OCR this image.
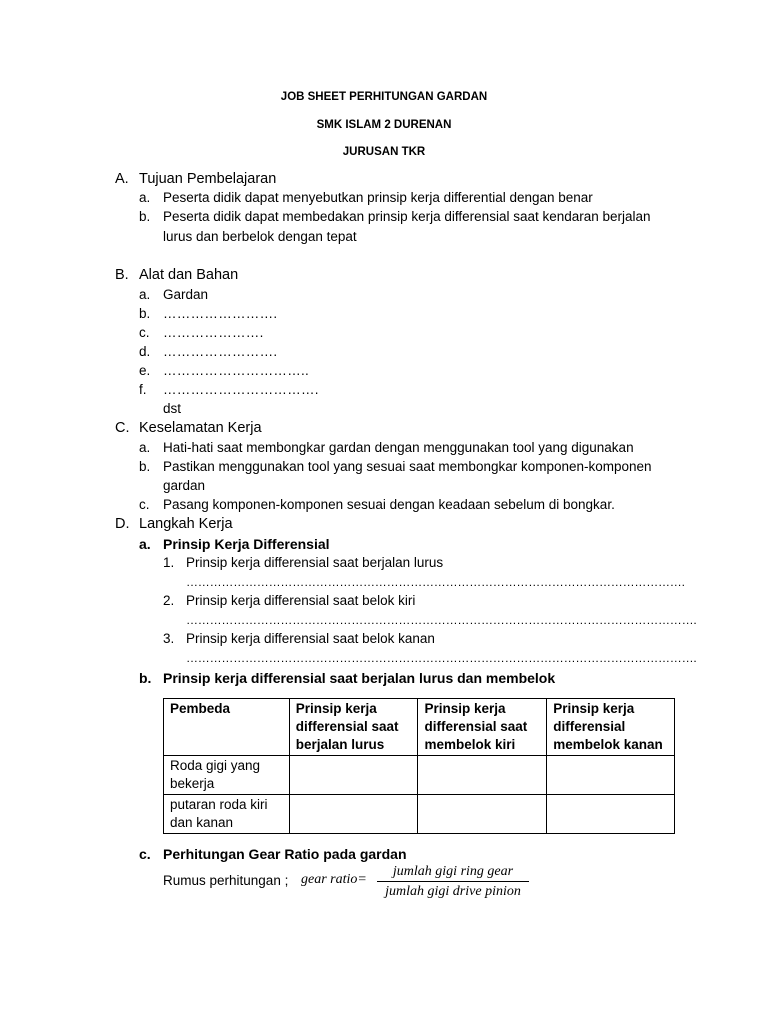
JOB SHEET PERHITUNGAN GARDAN
SMK ISLAM 2 DURENAN
JURUSAN TKR
A. Tujuan Pembelajaran
a. Peserta didik dapat menyebutkan prinsip kerja differential dengan benar
b. Peserta didik dapat membedakan prinsip kerja differensial saat kendaran berjalan
lurus dan berbelok dengan tepat
B. Alat dan Bahan
a. Gardan
b. …………………….
c. ………………….
d. …………………….
e. …………………………..
f. …………………………….
dst
C. Keselamatan Kerja
a. Hati-hati saat membongkar gardan dengan menggunakan tool yang digunakan
b. Pastikan menggunakan tool yang sesuai saat membongkar komponen-komponen
gardan
c. Pasang komponen-komponen sesuai dengan keadaan sebelum di bongkar.
D. Langkah Kerja
a. Prinsip Kerja Differensial
1. Prinsip kerja differensial saat berjalan lurus
……………………………………………………………………………………………………………….
2. Prinsip kerja differensial saat belok kiri
………………………………………………………………………………………………………………….
3. Prinsip kerja differensial saat belok kanan
………………………………………………………………………………………………………………….
b. Prinsip kerja differensial saat berjalan lurus dan membelok
Pembeda	Prinsip kerja differensial saat berjalan lurus	Prinsip kerja differensial saat membelok kiri	Prinsip kerja differensial membelok kanan
Roda gigi yang bekerja			
putaran roda kiri dan kanan			
c. Perhitungan Gear Ratio pada gardan
Rumus perhitungan ; gear ratio=
jumlah gigi ring gear
jumlah gigi drive pinion
